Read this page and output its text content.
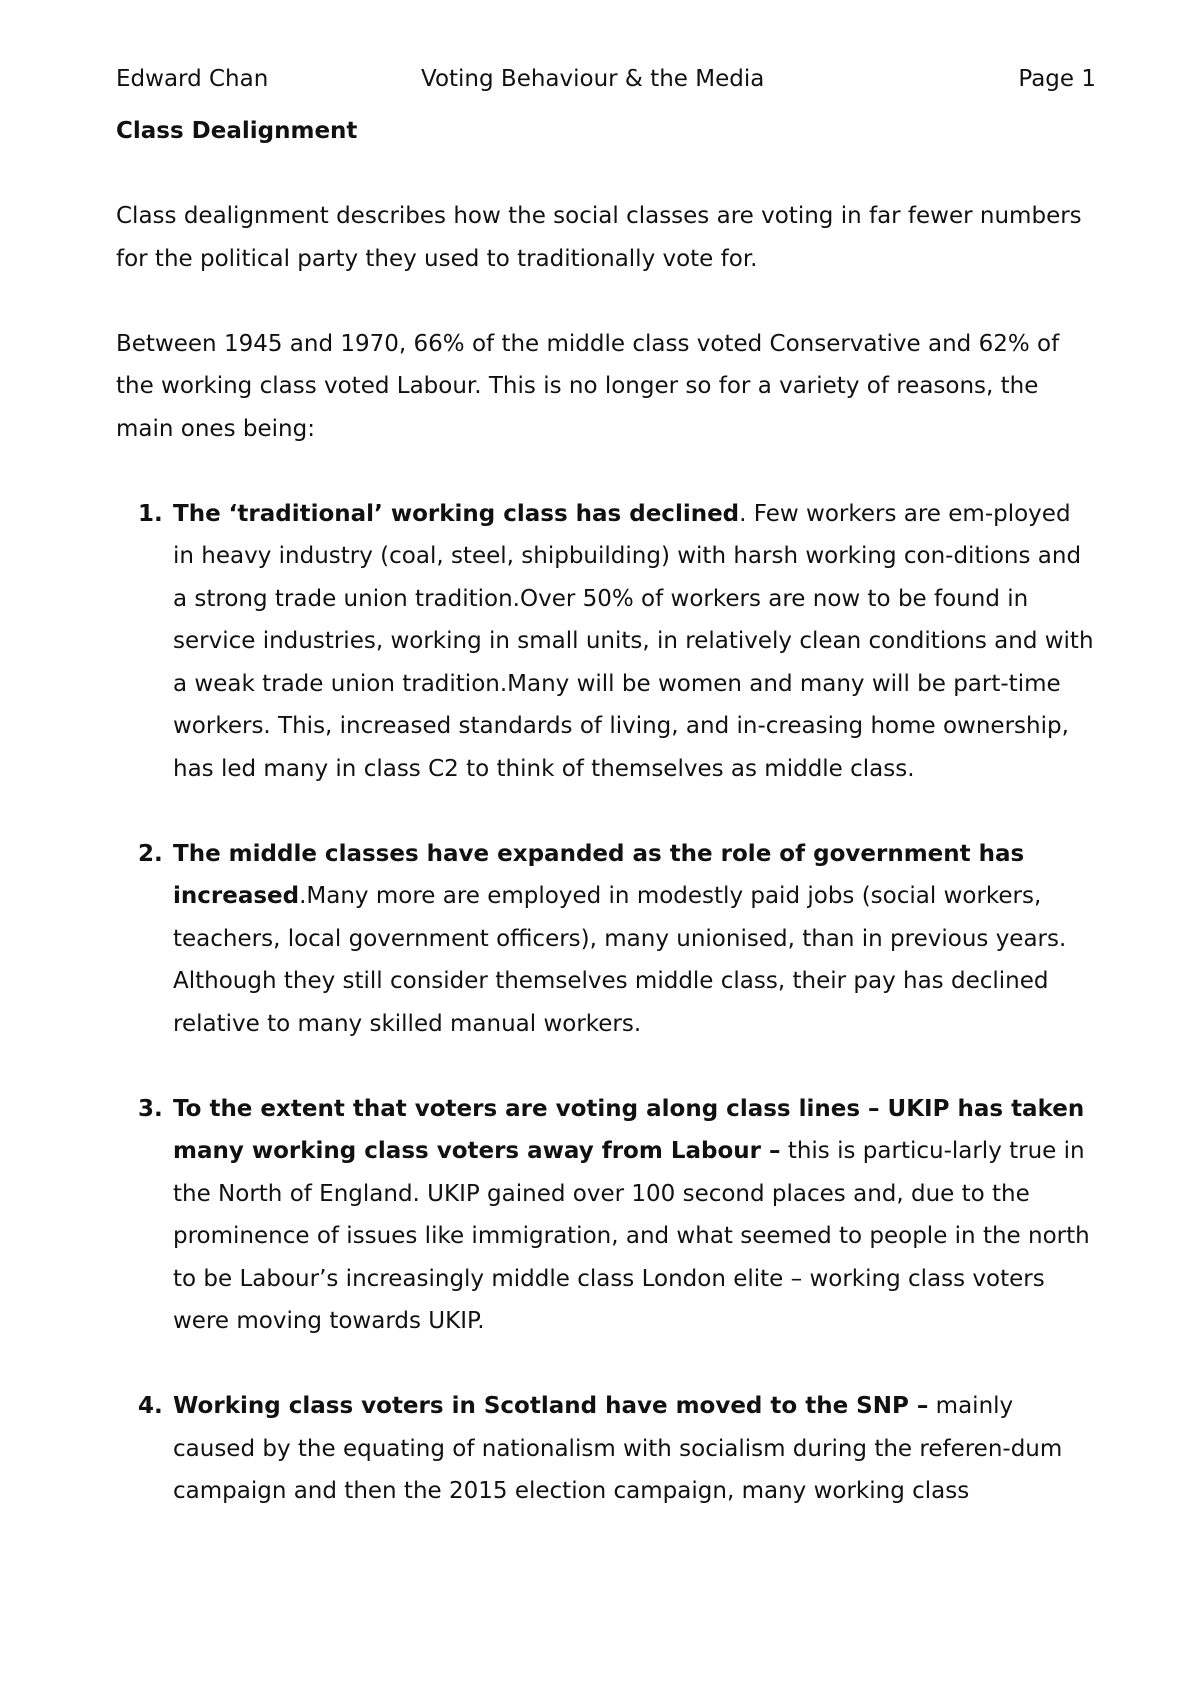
Edward Chan	Voting Behaviour & the Media	Page 1
Class Dealignment

Class dealignment describes how the social classes are voting in far fewer numbers for the political party they used to traditionally vote for.

Between 1945 and 1970, 66% of the middle class voted Conservative and 62% of the working class voted Labour. This is no longer so for a variety of reasons, the main ones being:

1. The ‘traditional’ working class has declined. Few workers are em-ployed in heavy industry (coal, steel, shipbuilding) with harsh working con-ditions and a strong trade union tradition.Over 50% of workers are now to be found in service industries, working in small units, in relatively clean conditions and with a weak trade union tradition.Many will be women and many will be part-time workers. This, increased standards of living, and in-creasing home ownership, has led many in class C2 to think of themselves as middle class.
2. The middle classes have expanded as the role of government has increased.Many more are employed in modestly paid jobs (social workers, teachers, local government officers), many unionised, than in previous years. Although they still consider themselves middle class, their pay has declined relative to many skilled manual workers.
3. To the extent that voters are voting along class lines – UKIP has taken many working class voters away from Labour – this is particu-larly true in the North of England. UKIP gained over 100 second places and, due to the prominence of issues like immigration, and what seemed to people in the north to be Labour’s increasingly middle class London elite – working class voters were moving towards UKIP.
4. Working class voters in Scotland have moved to the SNP – mainly caused by the equating of nationalism with socialism during the referen-dum campaign and then the 2015 election campaign, many working class
